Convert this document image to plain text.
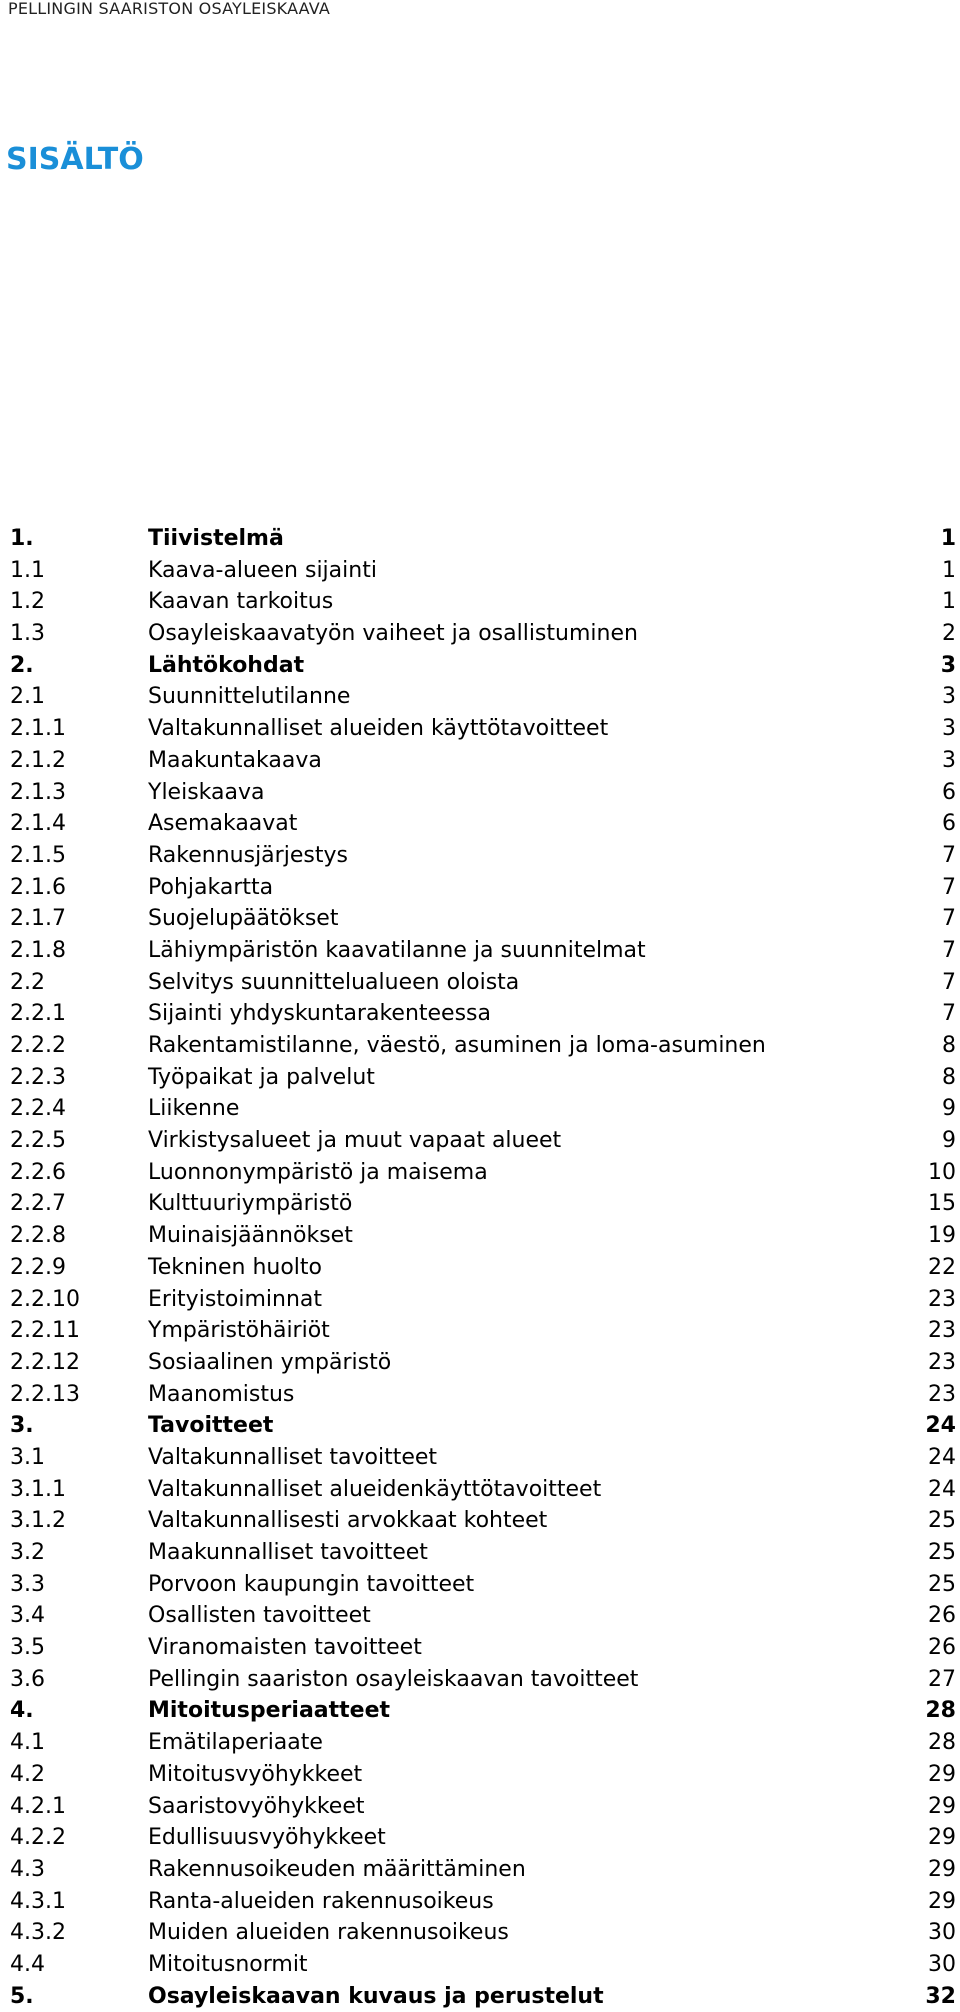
PELLINGIN SAARISTON OSAYLEISKAAVA
SISÄLTÖ
1.	Tiivistelmä	1
1.1	Kaava-alueen sijainti	1
1.2	Kaavan tarkoitus	1
1.3	Osayleiskaavatyön vaiheet ja osallistuminen	2
2.	Lähtökohdat	3
2.1	Suunnittelutilanne	3
2.1.1	Valtakunnalliset alueiden käyttötavoitteet	3
2.1.2	Maakuntakaava	3
2.1.3	Yleiskaava	6
2.1.4	Asemakaavat	6
2.1.5	Rakennusjärjestys	7
2.1.6	Pohjakartta	7
2.1.7	Suojelupäätökset	7
2.1.8	Lähiympäristön kaavatilanne ja suunnitelmat	7
2.2	Selvitys suunnittelualueen oloista	7
2.2.1	Sijainti yhdyskuntarakenteessa	7
2.2.2	Rakentamistilanne, väestö, asuminen ja loma-asuminen	8
2.2.3	Työpaikat ja palvelut	8
2.2.4	Liikenne	9
2.2.5	Virkistysalueet ja muut vapaat alueet	9
2.2.6	Luonnonympäristö ja maisema	10
2.2.7	Kulttuuriympäristö	15
2.2.8	Muinaisjäännökset	19
2.2.9	Tekninen huolto	22
2.2.10	Erityistoiminnat	23
2.2.11	Ympäristöhäiriöt	23
2.2.12	Sosiaalinen ympäristö	23
2.2.13	Maanomistus	23
3.	Tavoitteet	24
3.1	Valtakunnalliset tavoitteet	24
3.1.1	Valtakunnalliset alueidenkäyttötavoitteet	24
3.1.2	Valtakunnallisesti arvokkaat kohteet	25
3.2	Maakunnalliset tavoitteet	25
3.3	Porvoon kaupungin tavoitteet	25
3.4	Osallisten tavoitteet	26
3.5	Viranomaisten tavoitteet	26
3.6	Pellingin saariston osayleiskaavan tavoitteet	27
4.	Mitoitusperiaatteet	28
4.1	Emätilaperiaate	28
4.2	Mitoitusvyöhykkeet	29
4.2.1	Saaristovyöhykkeet	29
4.2.2	Edullisuusvyöhykkeet	29
4.3	Rakennusoikeuden määrittäminen	29
4.3.1	Ranta-alueiden rakennusoikeus	29
4.3.2	Muiden alueiden rakennusoikeus	30
4.4	Mitoitusnormit	30
5.	Osayleiskaavan kuvaus ja perustelut	32
